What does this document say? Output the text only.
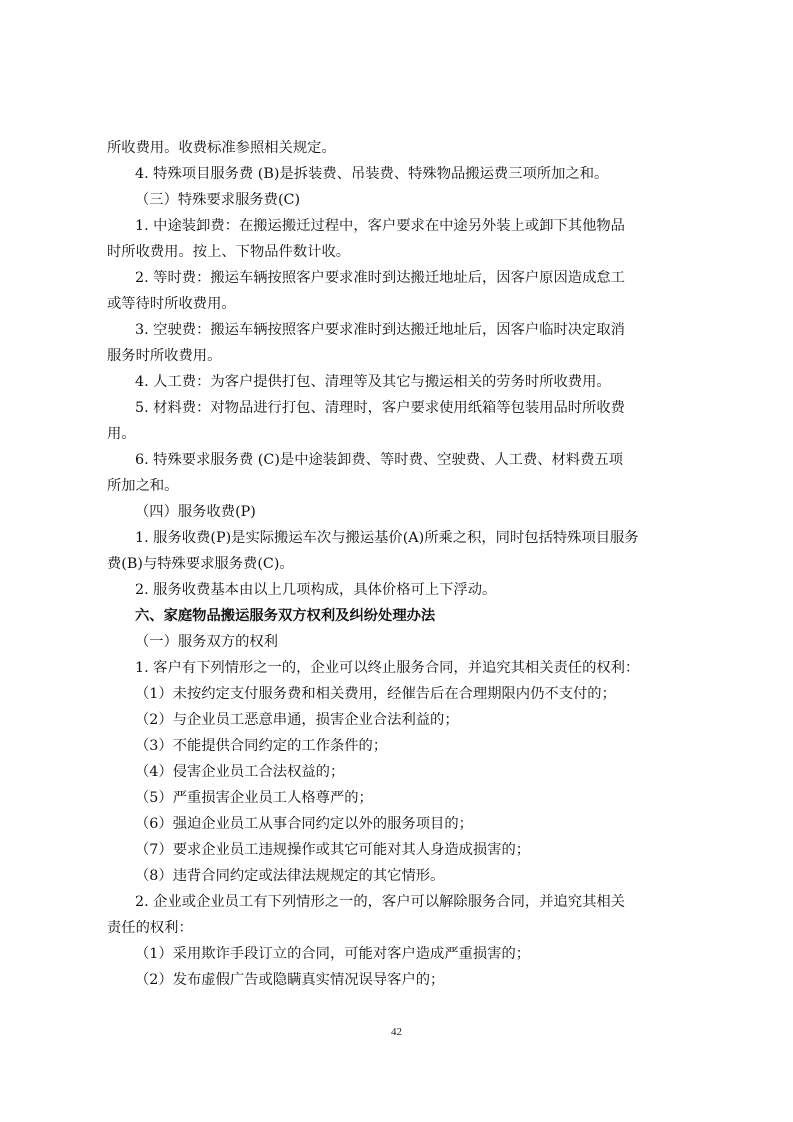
所收费用。收费标准参照相关规定。
4. 特殊项目服务费 (B)是拆装费、吊装费、特殊物品搬运费三项所加之和。
（三）特殊要求服务费(C)
1. 中途装卸费：在搬运搬迁过程中，客户要求在中途另外装上或卸下其他物品
时所收费用。按上、下物品件数计收。
2. 等时费：搬运车辆按照客户要求准时到达搬迁地址后，因客户原因造成怠工
或等待时所收费用。
3. 空驶费：搬运车辆按照客户要求准时到达搬迁地址后，因客户临时决定取消
服务时所收费用。
4. 人工费：为客户提供打包、清理等及其它与搬运相关的劳务时所收费用。
5. 材料费：对物品进行打包、清理时，客户要求使用纸箱等包装用品时所收费
用。
6. 特殊要求服务费 (C)是中途装卸费、等时费、空驶费、人工费、材料费五项
所加之和。
（四）服务收费(P)
1. 服务收费(P)是实际搬运车次与搬运基价(A)所乘之积，同时包括特殊项目服务
费(B)与特殊要求服务费(C)。
2. 服务收费基本由以上几项构成，具体价格可上下浮动。
六、家庭物品搬运服务双方权利及纠纷处理办法
（一）服务双方的权利
1. 客户有下列情形之一的，企业可以终止服务合同，并追究其相关责任的权利：
（1）未按约定支付服务费和相关费用，经催告后在合理期限内仍不支付的；
（2）与企业员工恶意串通，损害企业合法利益的；
（3）不能提供合同约定的工作条件的；
（4）侵害企业员工合法权益的；
（5）严重损害企业员工人格尊严的；
（6）强迫企业员工从事合同约定以外的服务项目的；
（7）要求企业员工违规操作或其它可能对其人身造成损害的；
（8）违背合同约定或法律法规规定的其它情形。
2. 企业或企业员工有下列情形之一的，客户可以解除服务合同，并追究其相关
责任的权利：
（1）采用欺诈手段订立的合同，可能对客户造成严重损害的；
（2）发布虚假广告或隐瞒真实情况误导客户的；
42
